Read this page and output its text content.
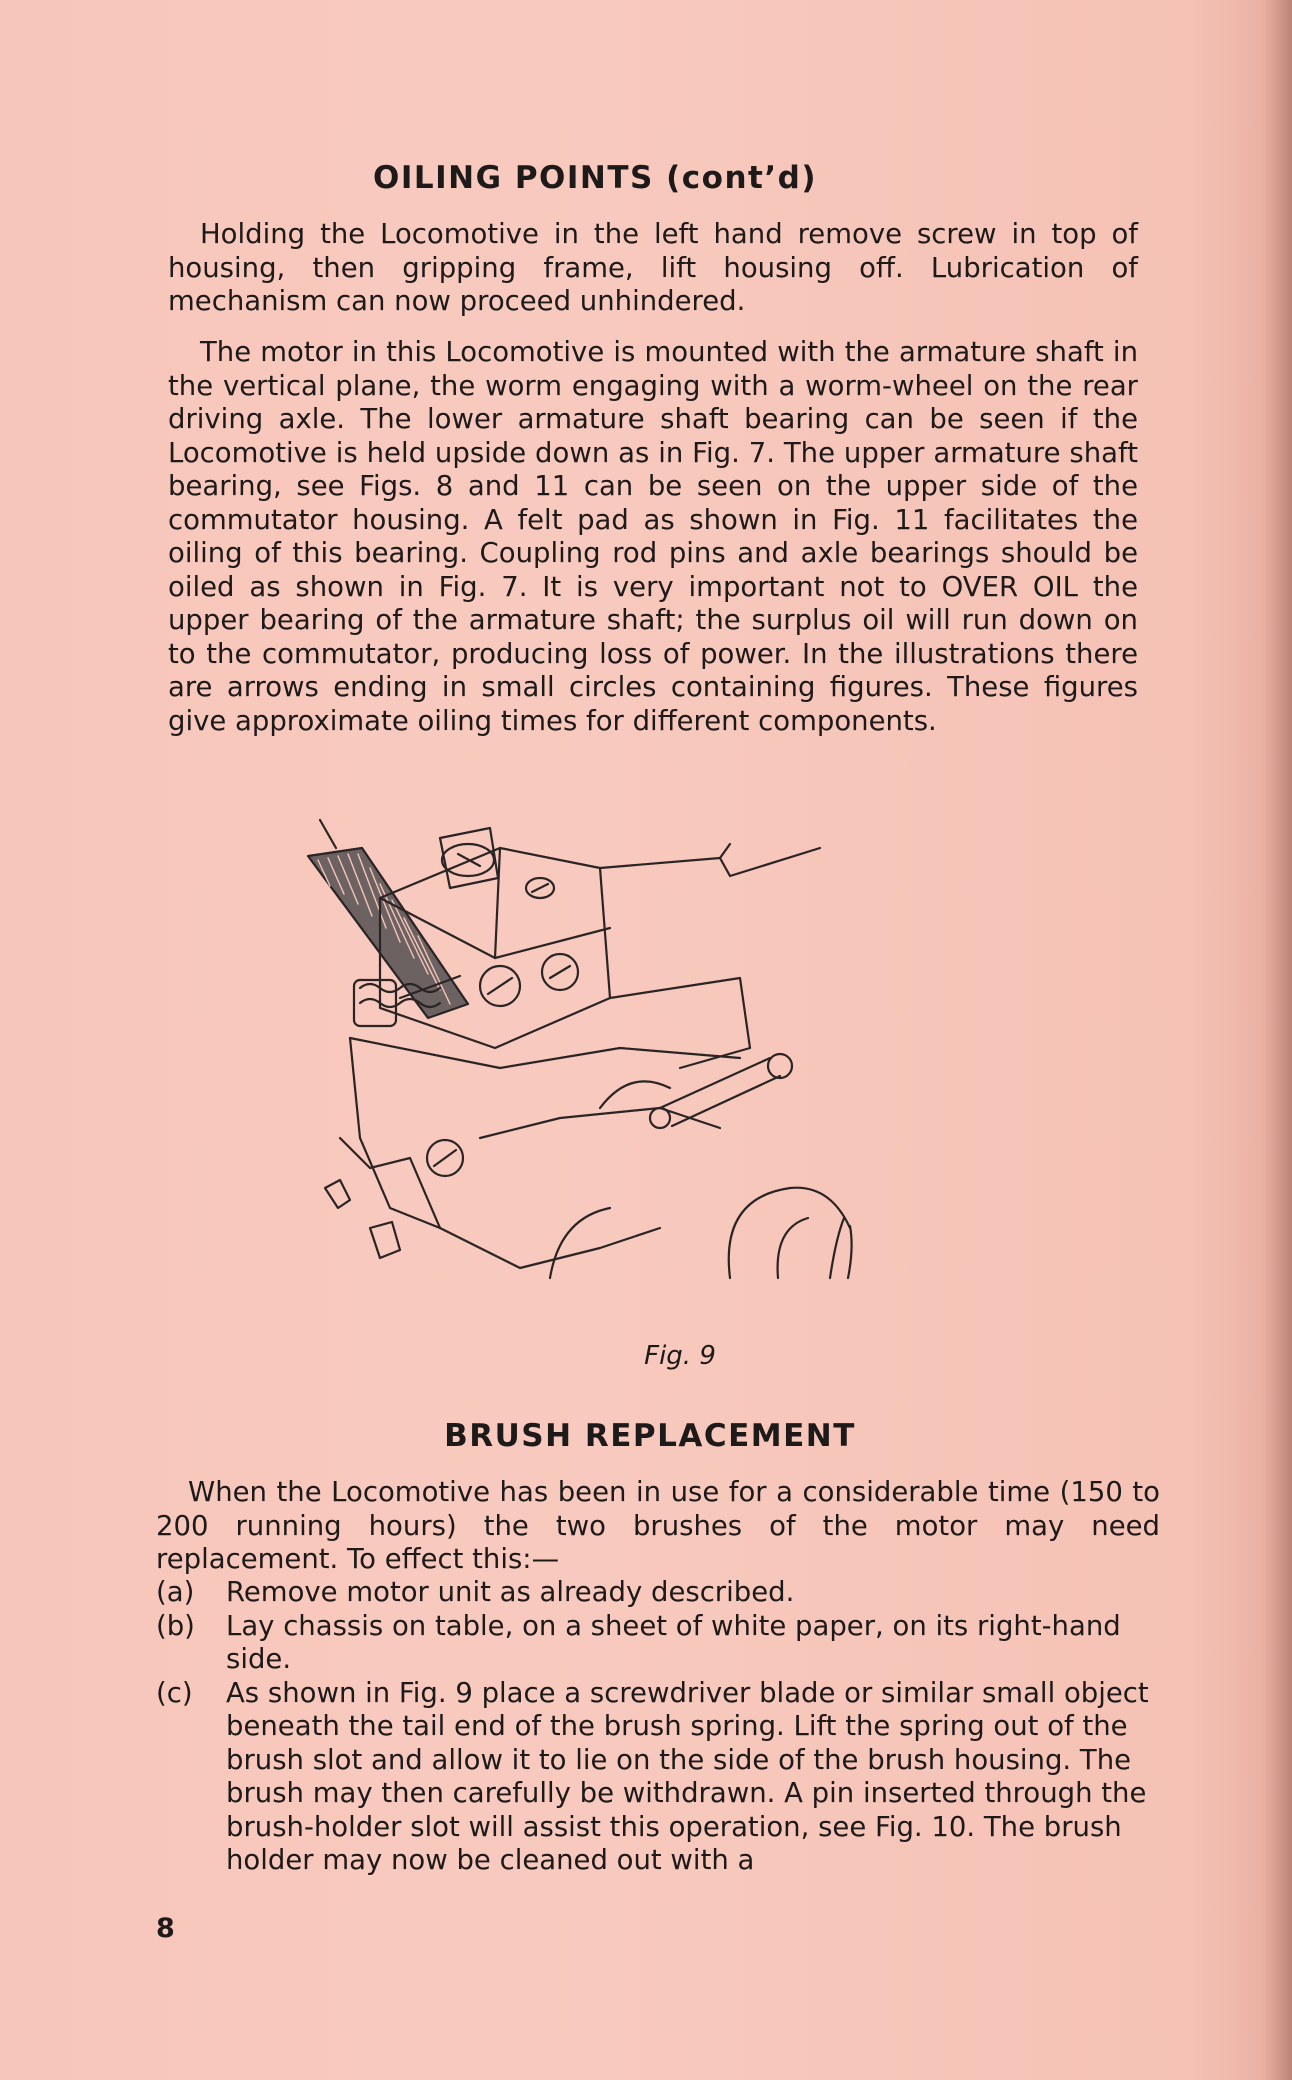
OILING POINTS (cont’d)

Holding the Locomotive in the left hand remove screw in top of housing, then gripping frame, lift housing off. Lubrication of mechanism can now proceed unhindered.

The motor in this Locomotive is mounted with the armature shaft in the vertical plane, the worm engaging with a worm-wheel on the rear driving axle. The lower armature shaft bearing can be seen if the Locomotive is held upside down as in Fig. 7. The upper armature shaft bearing, see Figs. 8 and 11 can be seen on the upper side of the commutator housing. A felt pad as shown in Fig. 11 facilitates the oiling of this bearing. Coupling rod pins and axle bearings should be oiled as shown in Fig. 7. It is very important not to OVER OIL the upper bearing of the armature shaft; the surplus oil will run down on to the commutator, producing loss of power. In the illustrations there are arrows ending in small circles containing figures. These figures give approximate oiling times for different components.

Fig. 9

BRUSH REPLACEMENT

When the Locomotive has been in use for a considerable time (150 to 200 running hours) the two brushes of the motor may need replacement. To effect this:—

(a)	Remove motor unit as already described.
(b)	Lay chassis on table, on a sheet of white paper, on its right-hand side.
(c)	As shown in Fig. 9 place a screwdriver blade or similar small object beneath the tail end of the brush spring. Lift the spring out of the brush slot and allow it to lie on the side of the brush housing. The brush may then carefully be withdrawn. A pin inserted through the brush-holder slot will assist this operation, see Fig. 10. The brush holder may now be cleaned out with a

8
